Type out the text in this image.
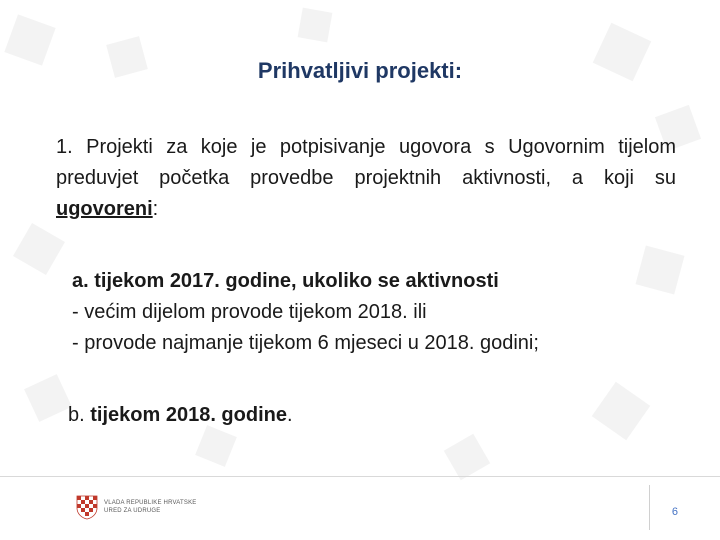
Prihvatljivi projekti:
1. Projekti za koje je potpisivanje ugovora s Ugovornim tijelom preduvjet početka provedbe projektnih aktivnosti, a koji su ugovoreni:
a. tijekom 2017. godine, ukoliko se aktivnosti
- većim dijelom provode tijekom 2018. ili
- provode najmanje tijekom 6 mjeseci u 2018. godini;
b. tijekom 2018. godine.
VLADA REPUBLIKE HRVATSKE
URED ZA UDRUGE	6
